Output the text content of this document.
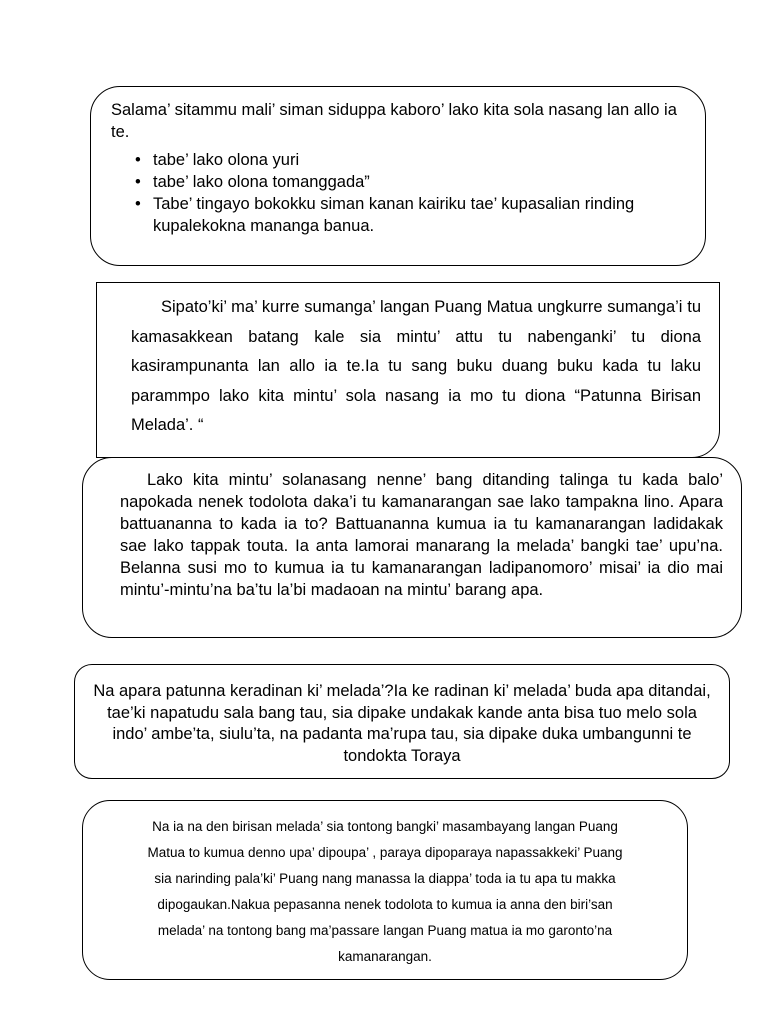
Salama’ sitammu mali’ siman siduppa kaboro’ lako kita sola nasang lan allo ia te.

• tabe’ lako olona yuri
• tabe’ lako olona tomanggada”
• Tabe’ tingayo bokokku siman kanan kairiku tae’ kupasalian rinding kupalekokna mananga banua.

Sipato’ki’ ma’ kurre sumanga’ langan Puang Matua ungkurre sumanga’i tu kamasakkean batang kale sia mintu’ attu tu nabenganki’ tu diona kasirampunanta lan allo ia te.Ia tu sang buku duang buku kada tu laku parammpo lako kita mintu’ sola nasang ia mo tu diona “Patunna Birisan Melada’. “

Lako kita mintu’ solanasang nenne’ bang ditanding talinga tu kada balo’ napokada nenek todolota daka’i tu kamanarangan sae lako tampakna lino. Apara battuananna to kada ia to? Battuananna kumua ia tu kamanarangan ladidakak sae lako tappak touta. Ia anta lamorai manarang la melada’ bangki tae’ upu’na. Belanna susi mo to kumua ia tu kamanarangan ladipanomoro’ misai’ ia dio mai mintu’-mintu’na ba’tu la’bi madaoan na mintu’ barang apa.

Na apara patunna keradinan ki’ melada’?Ia ke radinan ki’ melada’ buda apa ditandai, tae’ki napatudu sala bang tau, sia dipake undakak kande anta bisa tuo melo sola indo’ ambe’ta, siulu’ta, na padanta ma’rupa tau, sia dipake duka umbangunni te tondokta Toraya

Na ia na den birisan melada’ sia tontong bangki’ masambayang langan Puang

Matua to kumua denno upa’ dipoupa’ , paraya dipoparaya napassakkeki’ Puang

sia narinding pala’ki’ Puang nang manassa la diappa’ toda ia tu apa tu makka

dipogaukan.Nakua pepasanna nenek todolota to kumua ia anna den biri’san

melada’ na tontong bang ma’passare langan Puang matua ia mo garonto’na

kamanarangan.
